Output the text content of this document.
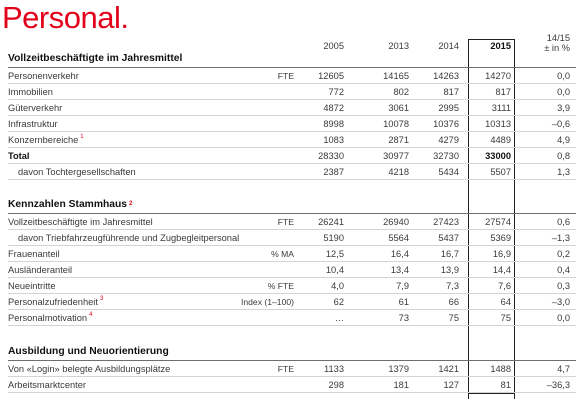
Personal.
2005	2013	2014	2015
14/15
± in %
Vollzeitbeschäftigte im Jahresmittel
Personenverkehr	FTE	12605	14165	14263	14270	0,0
Immobilien	772	802	817	817	0,0
Güterverkehr	4872	3061	2995	3111	3,9
Infrastruktur	8998	10078	10376	10313	–0,6
Konzernbereiche $^1$	1083	2871	4279	4489	4,9
Total	28330	30977	32730	33000	0,8
davon Tochtergesellschaften	2387	4218	5434	5507	1,3
Kennzahlen Stammhaus $^2$
Vollzeitbeschäftigte im Jahresmittel	FTE	26241	26940	27423	27574	0,6
davon Triebfahrzeugführende und Zugbegleitpersonal	5190	5564	5437	5369	–1,3
Frauenanteil	% MA	12,5	16,4	16,7	16,9	0,2
Ausländeranteil	10,4	13,4	13,9	14,4	0,4
Neueintritte	% FTE	4,0	7,9	7,3	7,6	0,3
Personalzufriedenheit $^3$	Index (1–100)	62	61	66	64	–3,0
Personalmotivation $^4$	…	73	75	75	0,0
Ausbildung und Neuorientierung
Von «Login» belegte Ausbildungsplätze	FTE	1133	1379	1421	1488	4,7
Arbeitsmarktcenter	298	181	127	81	–36,3
